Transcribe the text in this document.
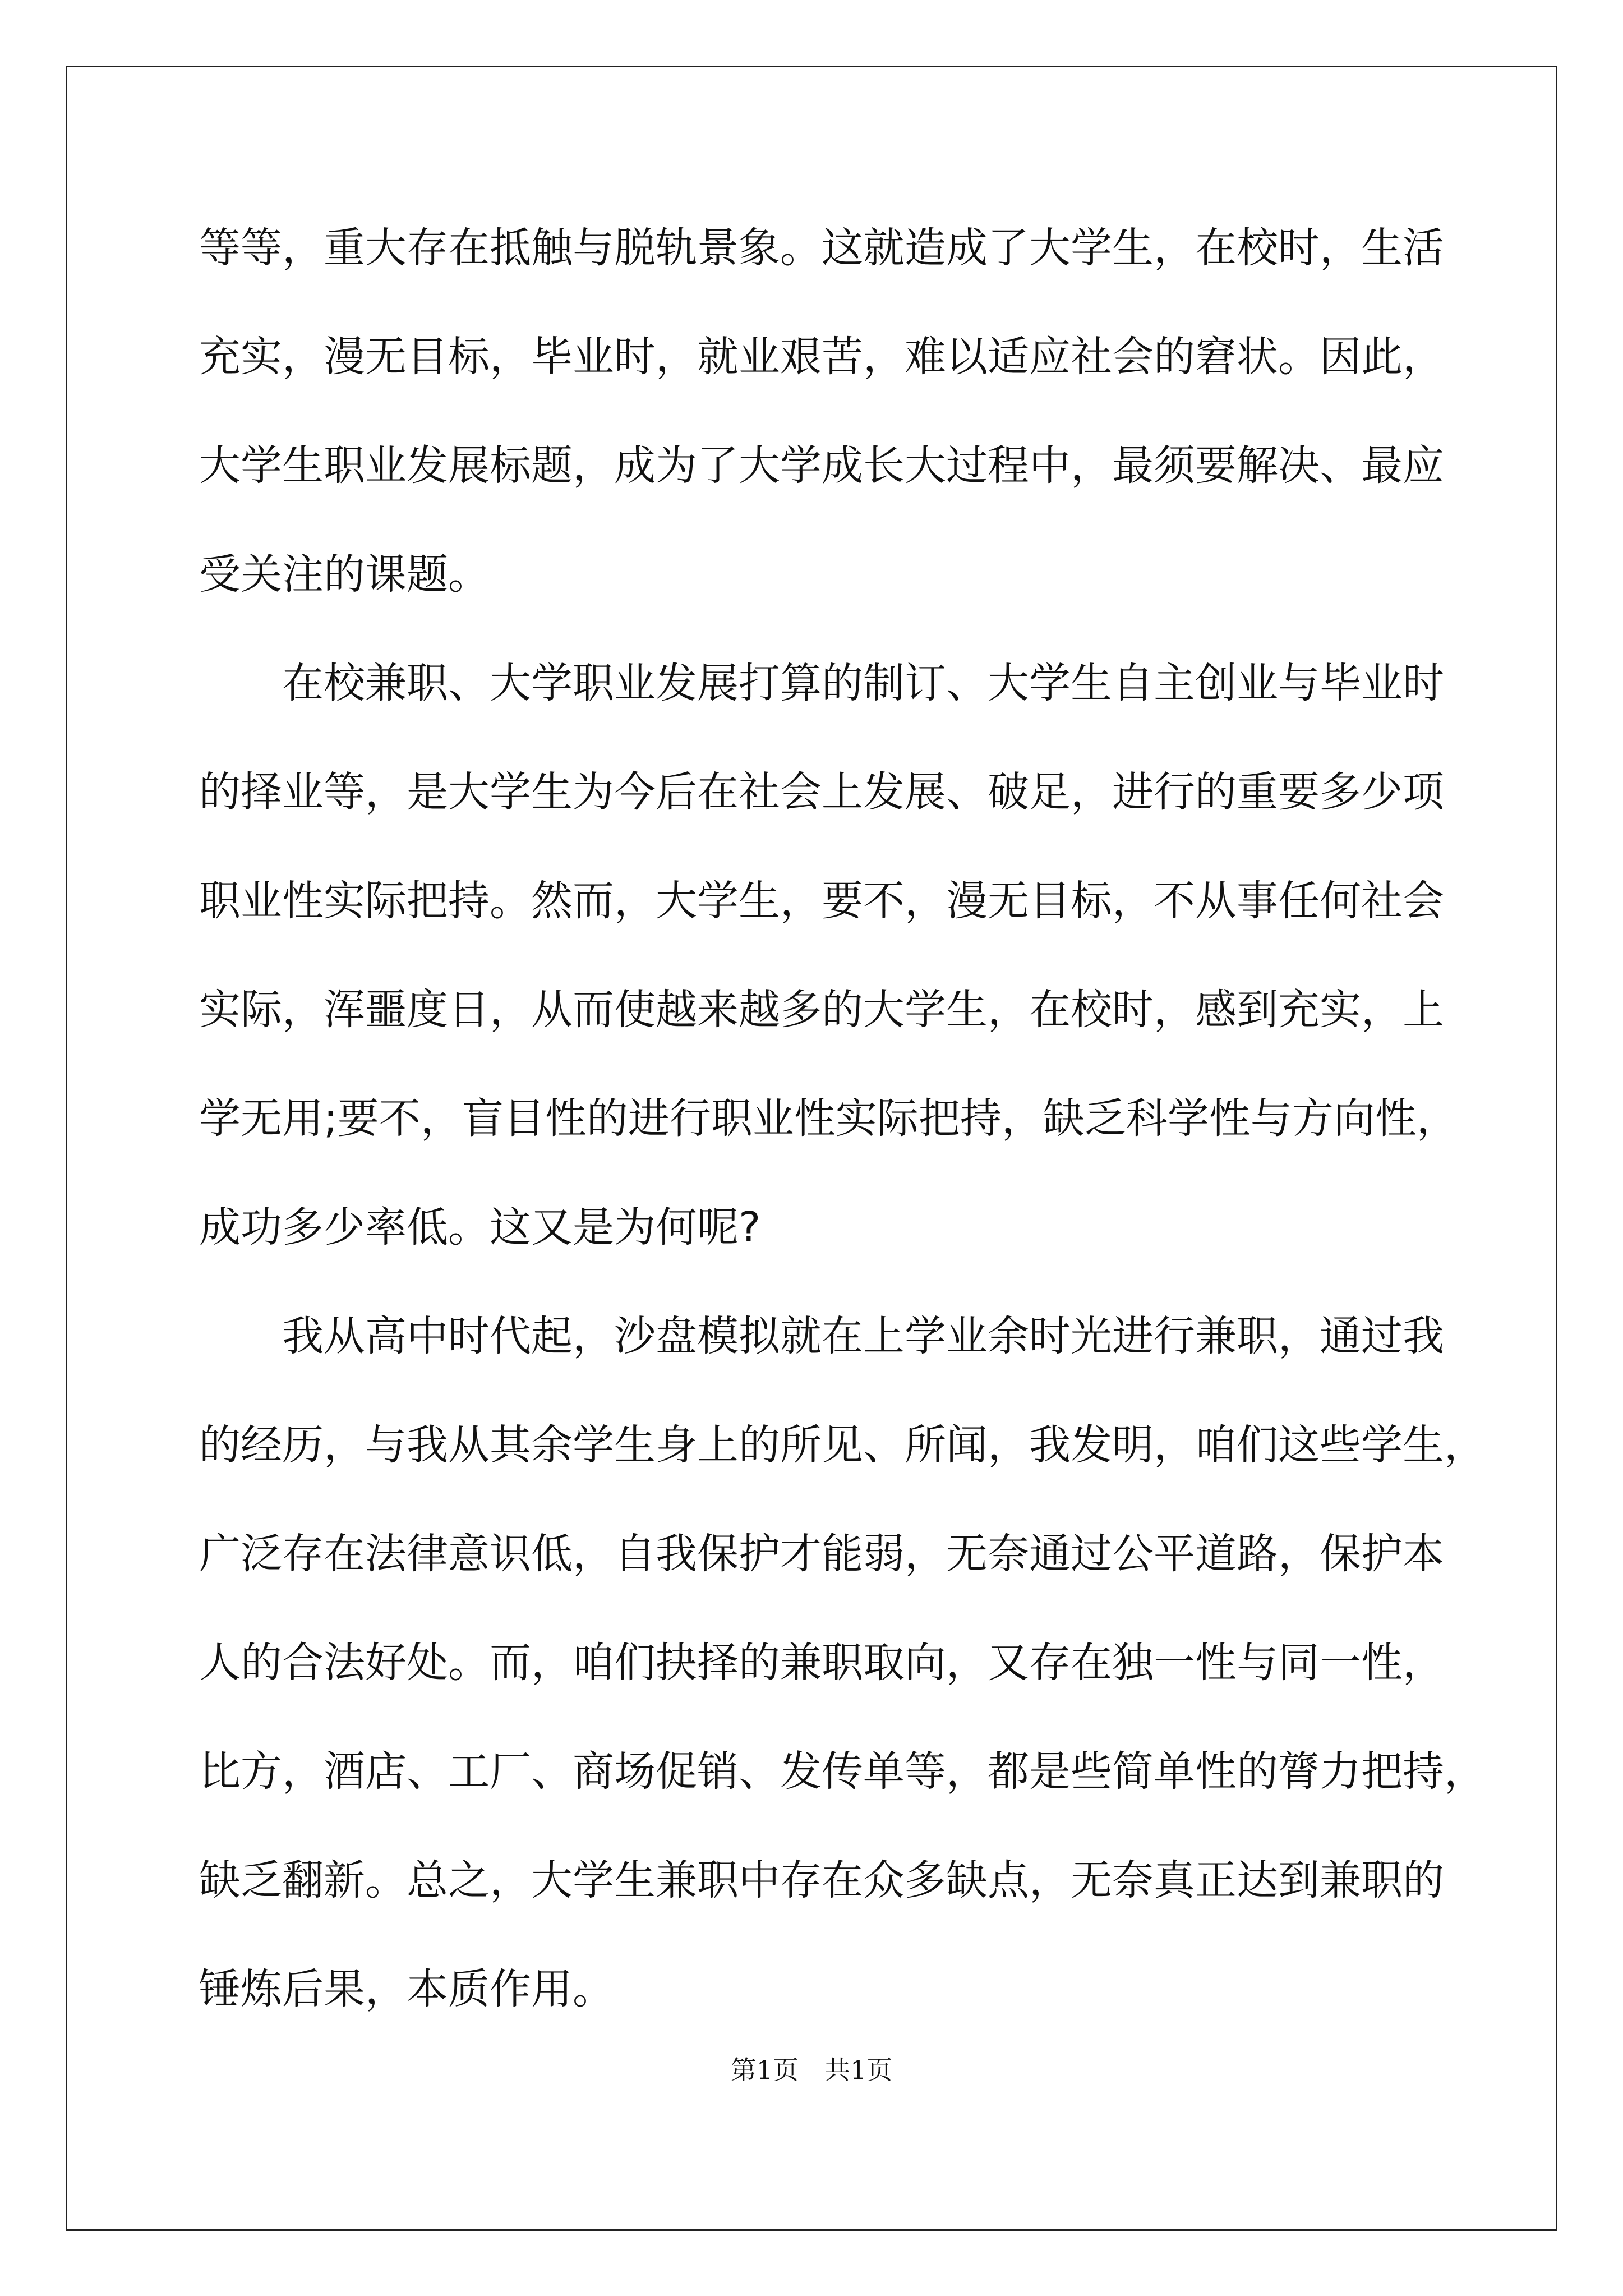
等等，重大存在抵触与脱轨景象。这就造成了大学生，在校时，生活
充实，漫无目标，毕业时，就业艰苦，难以适应社会的窘状。因此，
大学生职业发展标题，成为了大学成长大过程中，最须要解决、最应
受关注的课题。
　　在校兼职、大学职业发展打算的制订、大学生自主创业与毕业时
的择业等，是大学生为今后在社会上发展、破足，进行的重要多少项
职业性实际把持。然而，大学生，要不，漫无目标，不从事任何社会
实际，浑噩度日，从而使越来越多的大学生，在校时，感到充实，上
学无用;要不，盲目性的进行职业性实际把持，缺乏科学性与方向性，
成功多少率低。这又是为何呢?
　　我从高中时代起，沙盘模拟就在上学业余时光进行兼职，通过我
的经历，与我从其余学生身上的所见、所闻，我发明，咱们这些学生，
广泛存在法律意识低，自我保护才能弱，无奈通过公平道路，保护本
人的合法好处。而，咱们抉择的兼职取向，又存在独一性与同一性，
比方，酒店、工厂、商场促销、发传单等，都是些简单性的膂力把持，
缺乏翻新。总之，大学生兼职中存在众多缺点，无奈真正达到兼职的
锤炼后果，本质作用。
第1页　共1页
